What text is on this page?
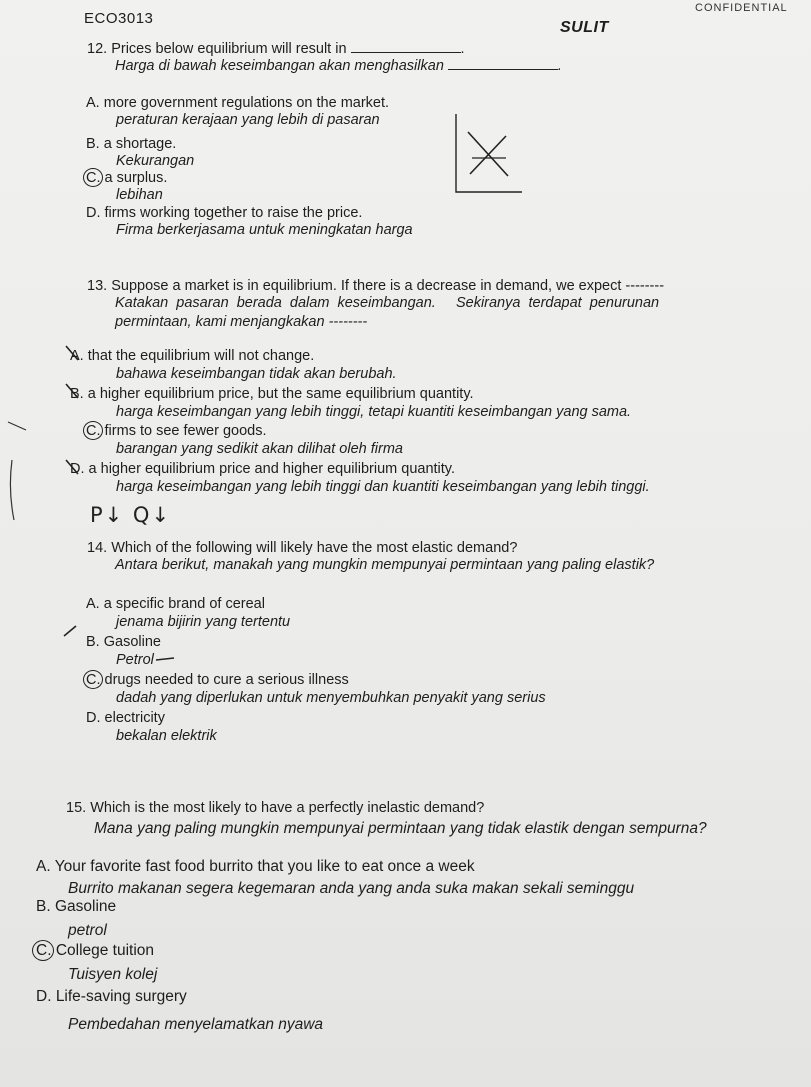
ECO3013
CONFIDENTIAL
SULIT
12. Prices below equilibrium will result in	.
Harga di bawah keseimbangan akan menghasilkan	.
A. more government regulations on the market.
peraturan kerajaan yang lebih di pasaran
B. a shortage.
Kekurangan
C. a surplus.
lebihan
D. firms working together to raise the price.
Firma berkerjasama untuk meningkatan harga
13. Suppose a market is in equilibrium. If there is a decrease in demand, we expect --------
Katakan  pasaran  berada  dalam  keseimbangan.     Sekiranya  terdapat  penurunan
permintaan, kami menjangkakan --------
A. that the equilibrium will not change.
bahawa keseimbangan tidak akan berubah.
B. a higher equilibrium price, but the same equilibrium quantity.
harga keseimbangan yang lebih tinggi, tetapi kuantiti keseimbangan yang sama.
C. firms to see fewer goods.
barangan yang sedikit akan dilihat oleh firma
D. a higher equilibrium price and higher equilibrium quantity.
harga keseimbangan yang lebih tinggi dan kuantiti keseimbangan yang lebih tinggi.
P↓ Q↓
14. Which of the following will likely have the most elastic demand?
Antara berikut, manakah yang mungkin mempunyai permintaan yang paling elastik?
A. a specific brand of cereal
jenama bijirin yang tertentu
B. Gasoline
Petrol
C. drugs needed to cure a serious illness
dadah yang diperlukan untuk menyembuhkan penyakit yang serius
D. electricity
bekalan elektrik
15. Which is the most likely to have a perfectly inelastic demand?
Mana yang paling mungkin mempunyai permintaan yang tidak elastik dengan sempurna?
A. Your favorite fast food burrito that you like to eat once a week
Burrito makanan segera kegemaran anda yang anda suka makan sekali seminggu
B. Gasoline
petrol
C. College tuition
Tuisyen kolej
D. Life-saving surgery
Pembedahan menyelamatkan nyawa
